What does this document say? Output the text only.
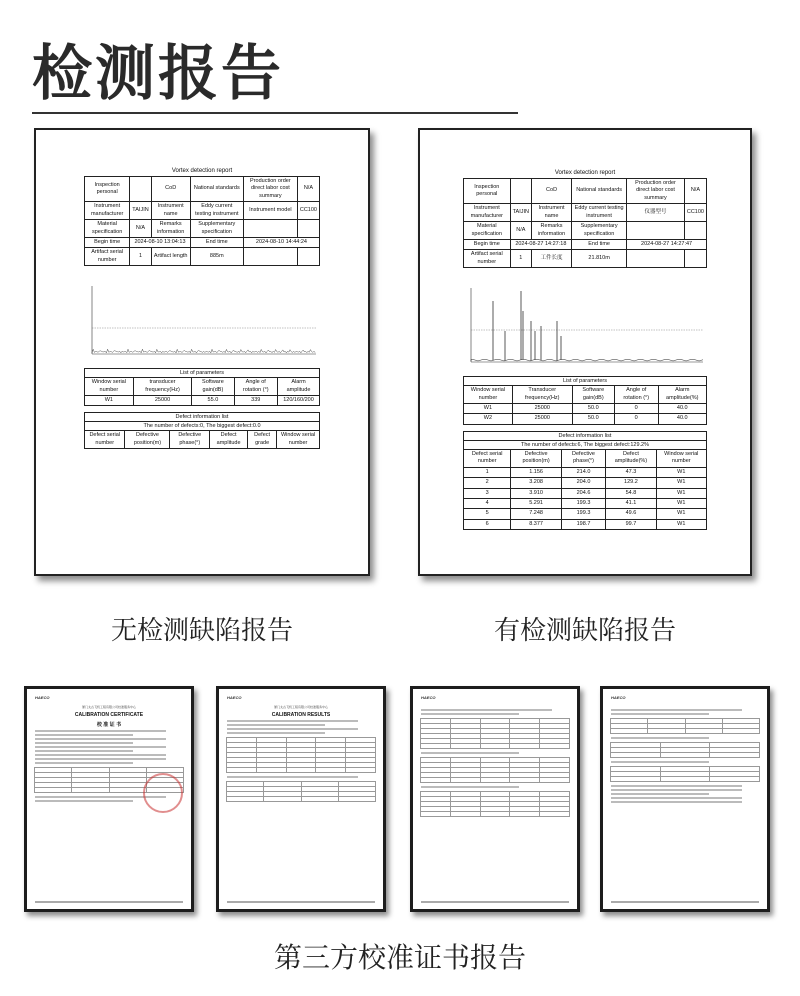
检测报告
Vortex detection report
Inspection personal		CoD	National standards	Production order direct labor cost summary	N/A
Instrument manufacturer	TAIJIN	Instrument name	Eddy current testing instrument	Instrument model	CC100
Material specification	N/A	Remarks information	Supplementary specification		
Begin time	2024-08-10 13:04:13		End time	2024-08-10 14:44:24	
Artifact serial number	1	Artifact length	885m		
List of parameters
Window serial number	transducer frequency(Hz)	Software gain(dB)	Angle of rotation (°)	Alarm amplitude
W1	25000	55.0	339	120/160/200
Defect information list
The number of defects:0, The biggest defect:0.0
Defect serial number	Defective position(m)	Defective phase(°)	Defect amplitude	Defect grade	Window serial number
Vortex detection report
Inspection personal		CoD	National standards	Production order direct labor cost summary	N/A
Instrument manufacturer	TAIJIN	Instrument name	Eddy current testing instrument	仪器型号	CC100
Material specification	N/A	Remarks information	Supplementary specification		
Begin time	2024-08-27 14:27:18		End time	2024-08-27 14:27:47	
Artifact serial number	1	工件长度	21.810m		
List of parameters
Window serial number	Transducer frequency(Hz)	Software gain(dB)	Angle of rotation (°)	Alarm amplitude(%)
W1	25000	50.0	0	40.0
W2	25000	50.0	0	40.0
Defect information list
The number of defects:6, The biggest defect:129.2%
Defect serial number	Defective position(m)	Defective phase(°)	Defect amplitude(%)	Window serial number
1	1.156	214.0	47.3	W1
2	3.208	204.0	129.2	W1
3	3.910	204.6	54.8	W1
4	5.291	199.3	41.1	W1
5	7.248	199.3	49.6	W1
6	8.377	198.7	99.7	W1
无检测缺陷报告	有检测缺陷报告
HAECO
厦门太古飞机工程有限公司校准服务中心
CALIBRATION CERTIFICATE
校 准 证 书

HAECO
厦门太古飞机工程有限公司校准服务中心
CALIBRATION RESULTS

HAECO

					HAECO

第三方校准证书报告
